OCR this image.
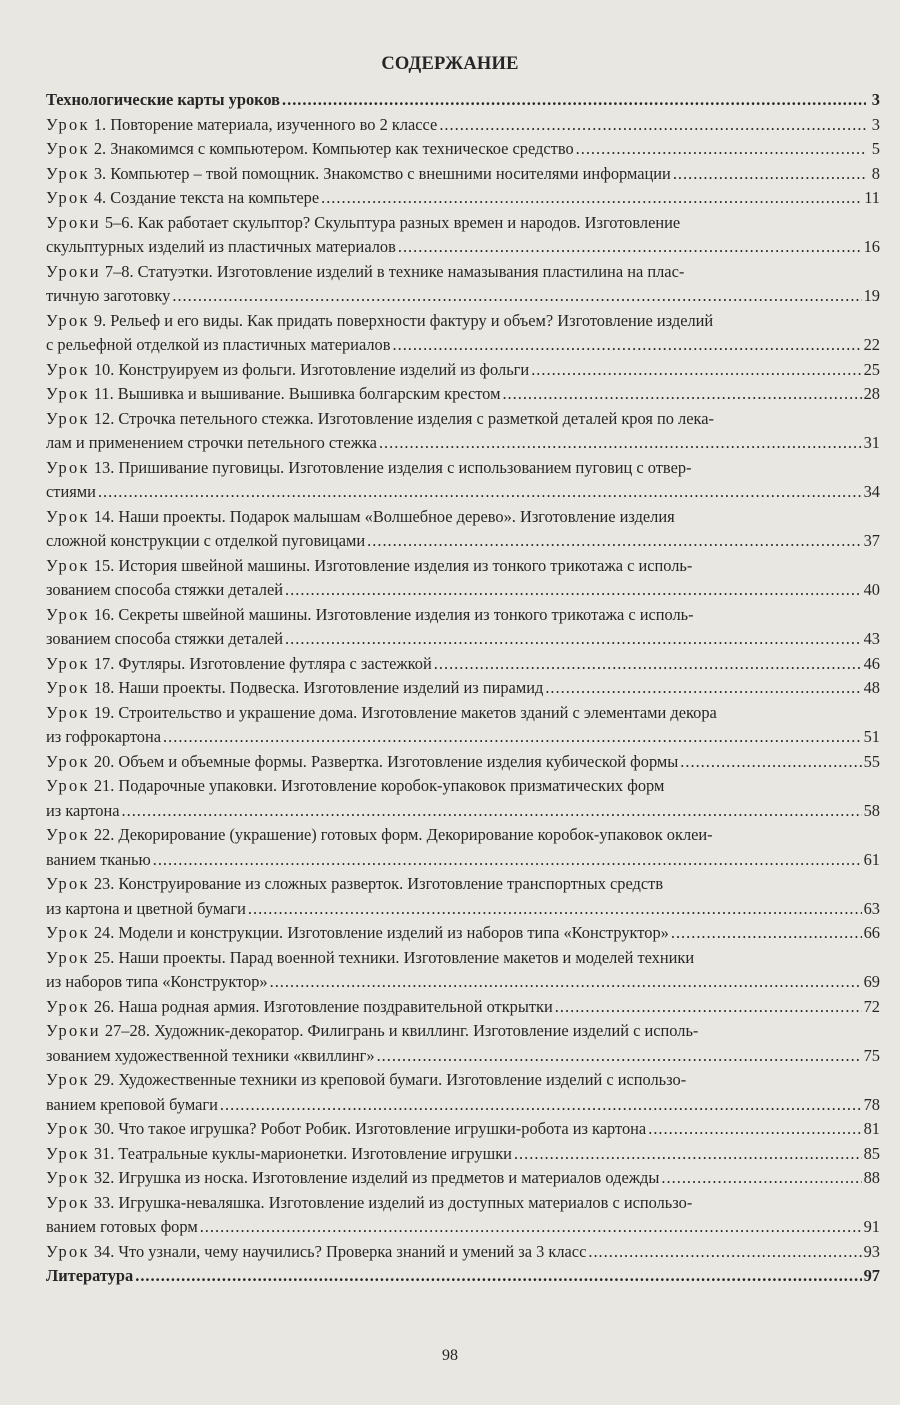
СОДЕРЖАНИЕ
Технологические карты уроков .....	3
Урок 1. Повторение материала, изученного во 2 классе .....	3
Урок 2. Знакомимся с компьютером. Компьютер как техническое средство .....	5
Урок 3. Компьютер – твой помощник. Знакомство с внешними носителями информации .....	8
Урок 4. Создание текста на компьтере .....	11
Уроки 5–6. Как работает скульптор? Скульптура разных времен и народов. Изготовление
скульптурных изделий из пластичных материалов .....	16
Уроки 7–8. Статуэтки. Изготовление изделий в технике намазывания пластилина на плас-
тичную заготовку .....	19
Урок 9. Рельеф и его виды. Как придать поверхности фактуру и объем? Изготовление изделий
с рельефной отделкой из пластичных материалов .....	22
Урок 10. Конструируем из фольги. Изготовление изделий из фольги .....	25
Урок 11. Вышивка и вышивание. Вышивка болгарским крестом .....	28
Урок 12. Строчка петельного стежка. Изготовление изделия с разметкой деталей кроя по лека-
лам и применением строчки петельного стежка .....	31
Урок 13. Пришивание пуговицы. Изготовление изделия с использованием пуговиц с отвер-
стиями .....	34
Урок 14. Наши проекты. Подарок малышам «Волшебное дерево». Изготовление изделия
сложной конструкции с отделкой пуговицами .....	37
Урок 15. История швейной машины. Изготовление изделия из тонкого трикотажа с исполь-
зованием способа стяжки деталей .....	40
Урок 16. Секреты швейной машины. Изготовление изделия из тонкого трикотажа с исполь-
зованием способа стяжки деталей .....	43
Урок 17. Футляры. Изготовление футляра с застежкой .....	46
Урок 18. Наши проекты. Подвеска. Изготовление изделий из пирамид .....	48
Урок 19. Строительство и украшение дома. Изготовление макетов зданий с элементами декора
из гофрокартона .....	51
Урок 20. Объем и объемные формы. Развертка. Изготовление изделия кубической формы .....	55
Урок 21. Подарочные упаковки. Изготовление коробок-упаковок призматических форм
из картона .....	58
Урок 22. Декорирование (украшение) готовых форм. Декорирование коробок-упаковок оклеи-
ванием тканью .....	61
Урок 23. Конструирование из сложных разверток. Изготовление транспортных средств
из картона и цветной бумаги .....	63
Урок 24. Модели и конструкции. Изготовление изделий из наборов типа «Конструктор» .....	66
Урок 25. Наши проекты. Парад военной техники. Изготовление макетов и моделей техники
из наборов типа «Конструктор» .....	69
Урок 26. Наша родная армия. Изготовление поздравительной открытки .....	72
Уроки 27–28. Художник-декоратор. Филигрань и квиллинг. Изготовление изделий с исполь-
зованием художественной техники «квиллинг» .....	75
Урок 29. Художественные техники из креповой бумаги. Изготовление изделий с использо-
ванием креповой бумаги .....	78
Урок 30. Что такое игрушка? Робот Робик. Изготовление игрушки-робота из картона .....	81
Урок 31. Театральные куклы-марионетки. Изготовление игрушки .....	85
Урок 32. Игрушка из носка. Изготовление изделий из предметов и материалов одежды .....	88
Урок 33. Игрушка-неваляшка. Изготовление изделий из доступных материалов с использо-
ванием готовых форм .....	91
Урок 34. Что узнали, чему научились? Проверка знаний и умений за 3 класс .....	93
Литература .....	97
98
